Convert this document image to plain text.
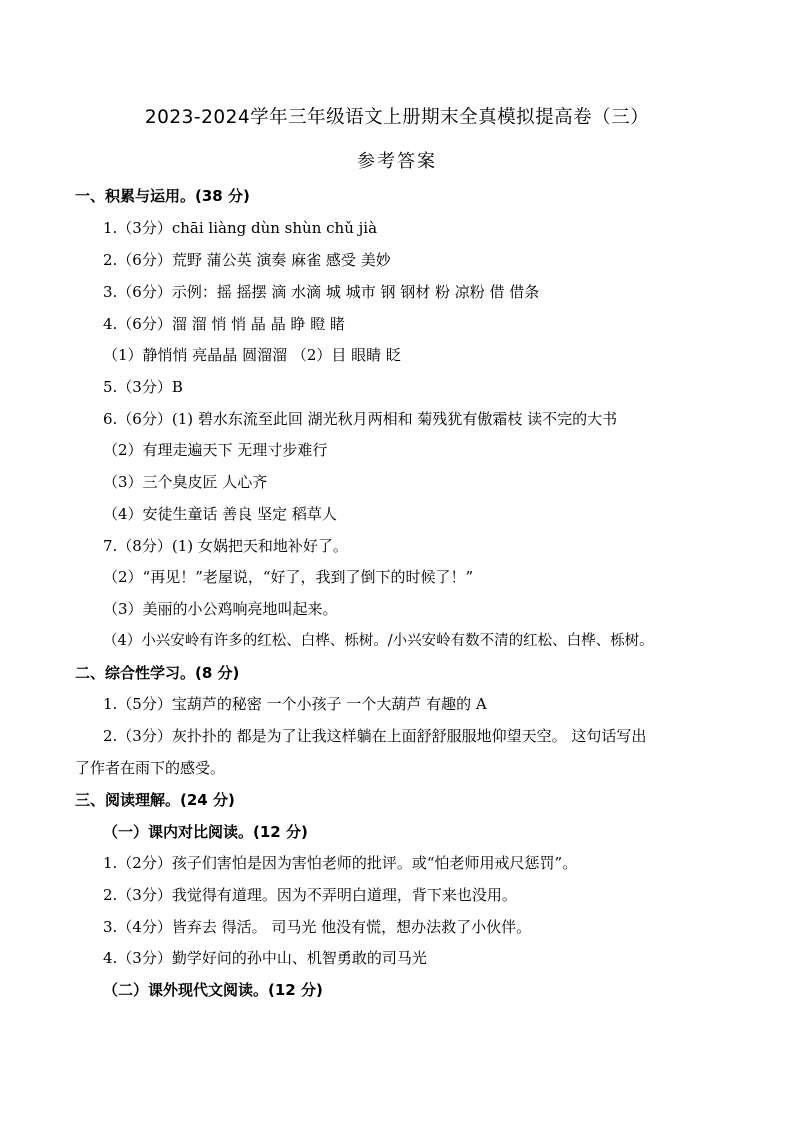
2023-2024学年三年级语文上册期末全真模拟提高卷（三）
参考答案
一、积累与运用。(38 分)
1.（3分）chāi liàng dùn shùn chǔ jià
2.（6分）荒野 蒲公英 演奏 麻雀 感受 美妙
3.（6分）示例：摇 摇摆 滴 水滴 城 城市 钢 钢材 粉 凉粉 借 借条
4.（6分）溜 溜 悄 悄 晶 晶 睁 瞪 睹
（1）静悄悄 亮晶晶 圆溜溜 （2）目 眼睛 眨
5.（3分）B
6.（6分）(1) 碧水东流至此回 湖光秋月两相和 菊残犹有傲霜枝 读不完的大书
（2）有理走遍天下 无理寸步难行
（3）三个臭皮匠 人心齐
（4）安徒生童话 善良 坚定 稻草人
7.（8分）(1) 女娲把天和地补好了。
（2）“再见！”老屋说，“好了，我到了倒下的时候了！”
（3）美丽的小公鸡响亮地叫起来。
（4）小兴安岭有许多的红松、白桦、栎树。/小兴安岭有数不清的红松、白桦、栎树。
二、综合性学习。(8 分)
1.（5分）宝葫芦的秘密 一个小孩子 一个大葫芦 有趣的 A
2.（3分）灰扑扑的 都是为了让我这样躺在上面舒舒服服地仰望天空。 这句话写出
了作者在雨下的感受。
三、阅读理解。(24 分)
（一）课内对比阅读。(12 分)
1.（2分）孩子们害怕是因为害怕老师的批评。或“怕老师用戒尺惩罚”。
2.（3分）我觉得有道理。因为不弄明白道理，背下来也没用。
3.（4分）皆弃去 得活。 司马光 他没有慌，想办法救了小伙伴。
4.（3分）勤学好问的孙中山、机智勇敢的司马光
（二）课外现代文阅读。(12 分)
